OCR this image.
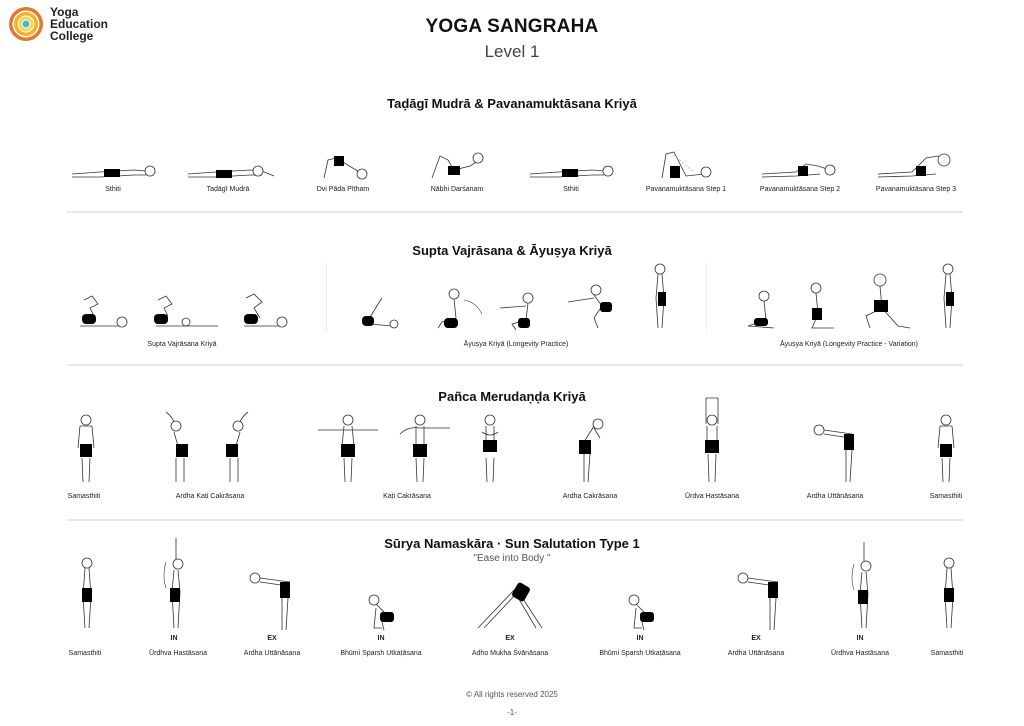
Yoga
Education
College	YOGA SANGRAHA
Level 1
Taḍāgī Mudrā & Pavanamuktāsana Kriyā
Sthiti	Taḍāgī Mudrā	Dvi Pāda Pīṭham	Nābhi Darśanam	Sthiti	Pavanamuktāsana Step 1	Pavanamuktāsana Step 2	Pavanamuktāsana Step 3
Supta Vajrāsana & Āyuṣya Kriyā
Supta Vajrāsana Kriyā	Āyuṣya Kriyā (Longevity Practice)	Āyuṣya Kriyā (Longevity Practice - Variation)
Pañca Merudaṇḍa Kriyā
Samasthiti	Ardha Kaṭi Cakrāsana	Kaṭi Cakrāsana	Ardha Cakrāsana	Ūrdva Hastāsana	Ardha Uttānāsana	Samasthiti
Sūrya Namaskāra · Sun Salutation Type 1
"Ease into Body "
IN	EX	IN	EX	IN	EX	IN
Samasthiti	Ūrdhva Hastāsana	Ardha Uttānāsana	Bhūmi Sparsh Utkaṭāsana	Adho Mukha Śvānāsana	Bhūmi Sparsh Utkaṭāsana	Ardha Uttānāsana	Ūrdhva Hastāsana	Samasthiti
© All rights reserved 2025
-1-
